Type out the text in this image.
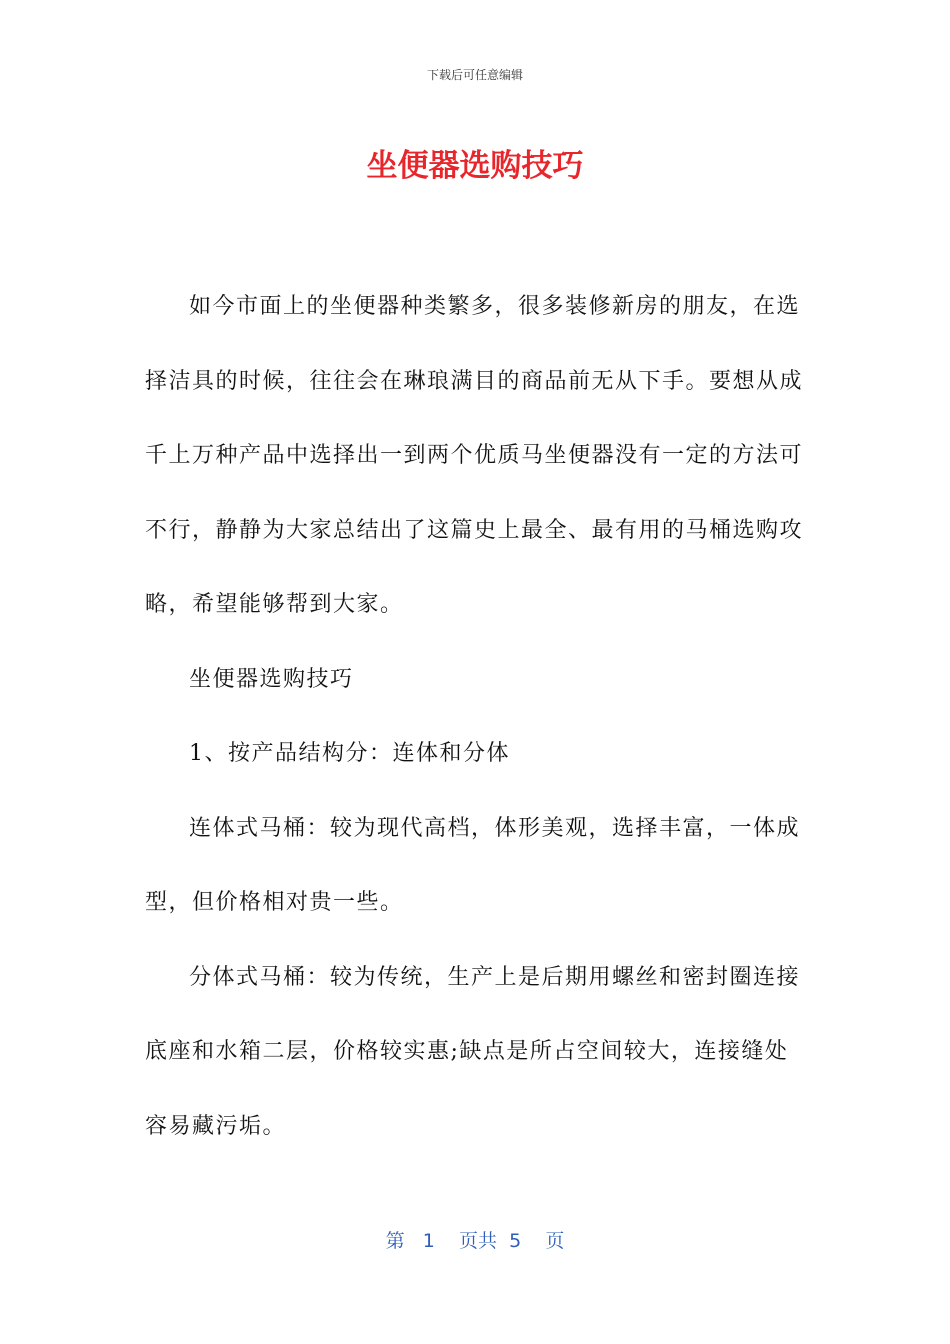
下载后可任意编辑
坐便器选购技巧

如今市面上的坐便器种类繁多，很多装修新房的朋友，在选择洁具的时候，往往会在琳琅满目的商品前无从下手。要想从成千上万种产品中选择出一到两个优质马坐便器没有一定的方法可不行，静静为大家总结出了这篇史上最全、最有用的马桶选购攻略，希望能够帮到大家。

坐便器选购技巧

1、按产品结构分：连体和分体

连体式马桶：较为现代高档，体形美观，选择丰富，一体成型，但价格相对贵一些。

分体式马桶：较为传统，生产上是后期用螺丝和密封圈连接底座和水箱二层，价格较实惠;缺点是所占空间较大，连接缝处容易藏污垢。

第 1 页共 5 页
